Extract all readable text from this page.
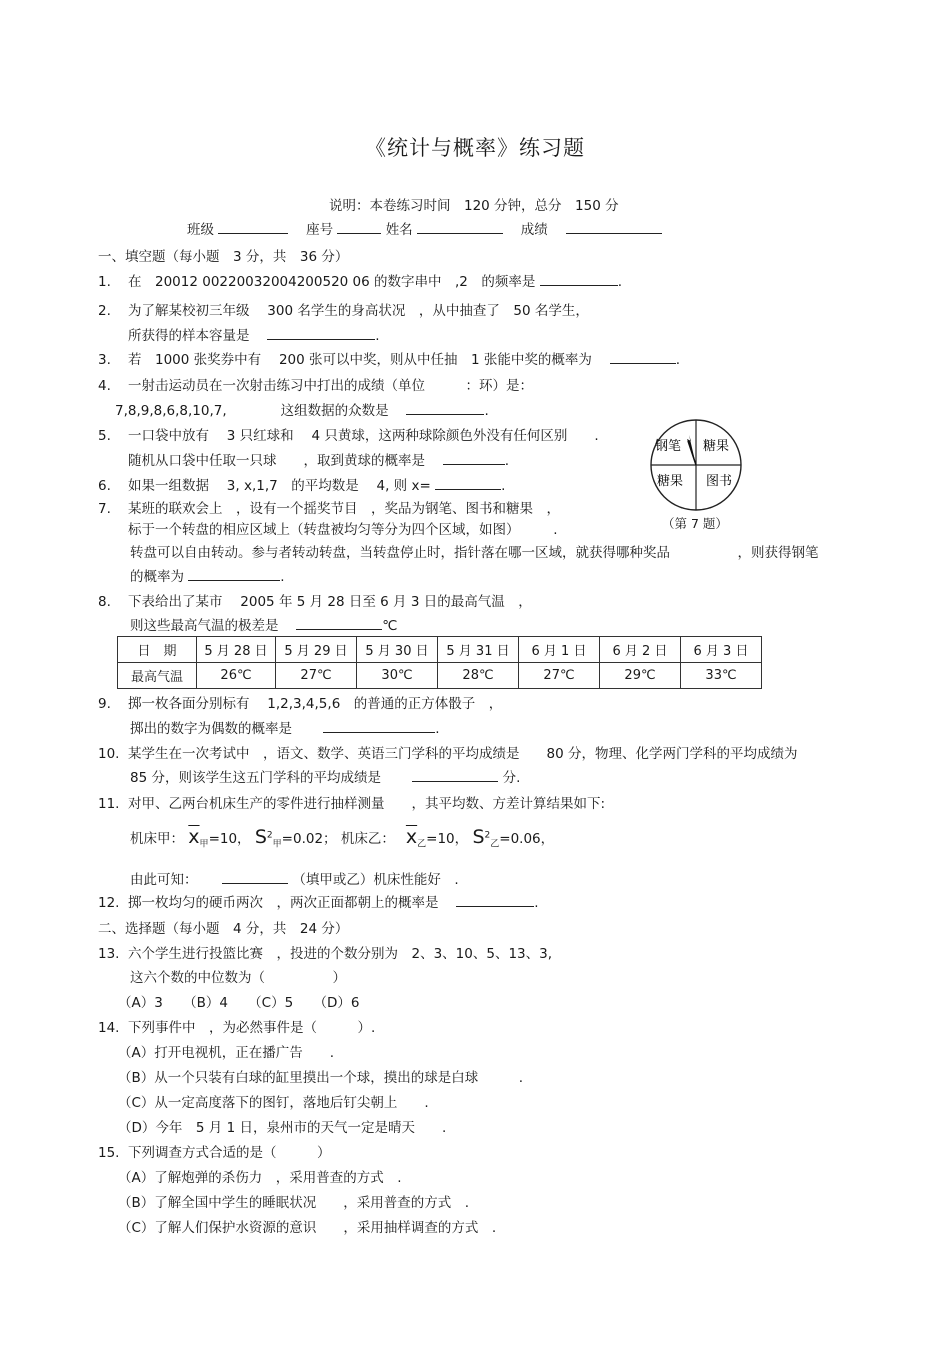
《统计与概率》练习题
说明：本卷练习时间　120 分钟，总分　150 分
班级 　	座号	姓名 　	成绩　
一、填空题（每小题　3 分，共　36 分）
1. 在　20012 00220032004200520 06 的数字串中　,2　的频率是	.
2. 为了解某校初三年级　 300 名学生的身高状况　，从中抽查了　50 名学生，
所获得的样本容量是　	.
3. 若　1000 张奖券中有　 200 张可以中奖，则从中任抽　1 张能中奖的概率为　	.
4. 一射击运动员在一次射击练习中打出的成绩（单位　　　：环）是：
7,8,9,8,6,8,10,7,　　　　这组数据的众数是　	.
5. 一口袋中放有　 3 只红球和　 4 只黄球，这两种球除颜色外没有任何区别　　.
随机从口袋中任取一只球　　，取到黄球的概率是　	.
6. 如果一组数据　 3, x,1,7　的平均数是　 4, 则 x=	.
7. 某班的联欢会上　，设有一个摇奖节目　，奖品为钢笔、图书和糖果　，
标于一个转盘的相应区域上（转盘被均匀等分为四个区域，如图）　　　.
转盘可以自由转动。参与者转动转盘，当转盘停止时，指针落在哪一区域，就获得哪种奖品　　　　　，则获得钢笔
的概率为	.
钢笔 糖果
糖果 图书
（第 7 题）
8. 下表给出了某市　 2005 年 5 月 28 日至 6 月 3 日的最高气温　，
则这些最高气温的极差是　	℃
日　期	5 月 28 日	5 月 29 日	5 月 30 日	5 月 31 日	6 月 1 日	6 月 2 日	6 月 3 日
最高气温	26℃	27℃	30℃	28℃	27℃	29℃	33℃
9. 掷一枚各面分别标有　 1,2,3,4,5,6　的普通的正方体骰子　，
掷出的数字为偶数的概率是　　	.
10. 某学生在一次考试中　，语文、数学、英语三门学科的平均成绩是　　80 分，物理、化学两门学科的平均成绩为
85 分，则该学生这五门学科的平均成绩是　　	分.
11. 对甲、乙两台机床生产的零件进行抽样测量　　，其平均数、方差计算结果如下:
机床甲： $\overline{x}_甲=10$， $S^2_甲=0.02$； 机床乙：　 $\overline{x}_乙=10$， $S^2_乙=0.06$，
由此可知：　　	（填甲或乙）机床性能好　.
12. 掷一枚均匀的硬币两次　，两次正面都朝上的概率是　	.
二、选择题（每小题　4 分，共　24 分）
13. 六个学生进行投篮比赛　，投进的个数分别为　2、3、10、5、13、3,
这六个数的中位数为（　　　　　）
（A）3　　（B）4　　（C）5　　（D）6
14. 下列事件中　，为必然事件是（　　　）.
（A）打开电视机，正在播广告　　.
（B）从一个只装有白球的缸里摸出一个球，摸出的球是白球　　　.
（C）从一定高度落下的图钉，落地后钉尖朝上　　.
（D）今年　5 月 1 日，泉州市的天气一定是晴天　　.
15. 下列调查方式合适的是（　　　）
（A）了解炮弹的杀伤力　，采用普查的方式　.
（B）了解全国中学生的睡眠状况　　，采用普查的方式　.
（C）了解人们保护水资源的意识　　，采用抽样调查的方式　.
